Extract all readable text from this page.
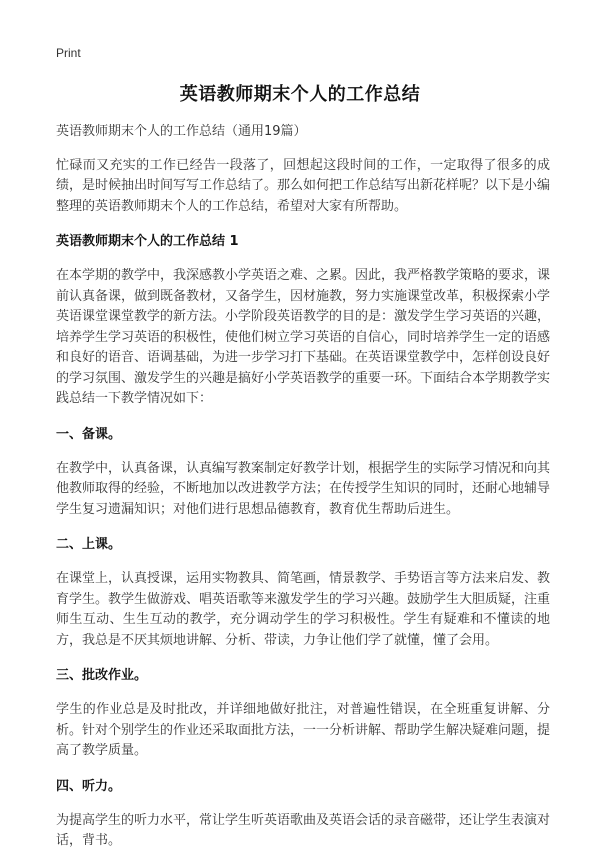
Print
英语教师期末个人的工作总结

英语教师期末个人的工作总结（通用19篇）

忙碌而又充实的工作已经告一段落了，回想起这段时间的工作，一定取得了很多的成绩，是时候抽出时间写写工作总结了。那么如何把工作总结写出新花样呢？以下是小编整理的英语教师期末个人的工作总结，希望对大家有所帮助。

英语教师期末个人的工作总结 1

在本学期的教学中，我深感教小学英语之难、之累。因此，我严格教学策略的要求，课前认真备课，做到既备教材，又备学生，因材施教，努力实施课堂改革，积极探索小学英语课堂课堂教学的新方法。小学阶段英语教学的目的是：激发学生学习英语的兴趣，培养学生学习英语的积极性，使他们树立学习英语的自信心，同时培养学生一定的语感和良好的语音、语调基础，为进一步学习打下基础。在英语课堂教学中，怎样创设良好的学习氛围、激发学生的兴趣是搞好小学英语教学的重要一环。下面结合本学期教学实践总结一下教学情况如下：

一、备课。

在教学中，认真备课，认真编写教案制定好教学计划，根据学生的实际学习情况和向其他教师取得的经验，不断地加以改进教学方法；在传授学生知识的同时，还耐心地辅导学生复习遗漏知识；对他们进行思想品德教育，教育优生帮助后进生。

二、上课。

在课堂上，认真授课，运用实物教具、简笔画，情景教学、手势语言等方法来启发、教育学生。教学生做游戏、唱英语歌等来激发学生的学习兴趣。鼓励学生大胆质疑，注重师生互动、生生互动的教学，充分调动学生的学习积极性。学生有疑难和不懂读的地方，我总是不厌其烦地讲解、分析、带读，力争让他们学了就懂，懂了会用。

三、批改作业。

学生的作业总是及时批改，并详细地做好批注，对普遍性错误，在全班重复讲解、分析。针对个别学生的作业还采取面批方法，一一分析讲解、帮助学生解决疑难问题，提高了教学质量。

四、听力。

为提高学生的听力水平，常让学生听英语歌曲及英语会话的录音磁带，还让学生表演对话，背书。
